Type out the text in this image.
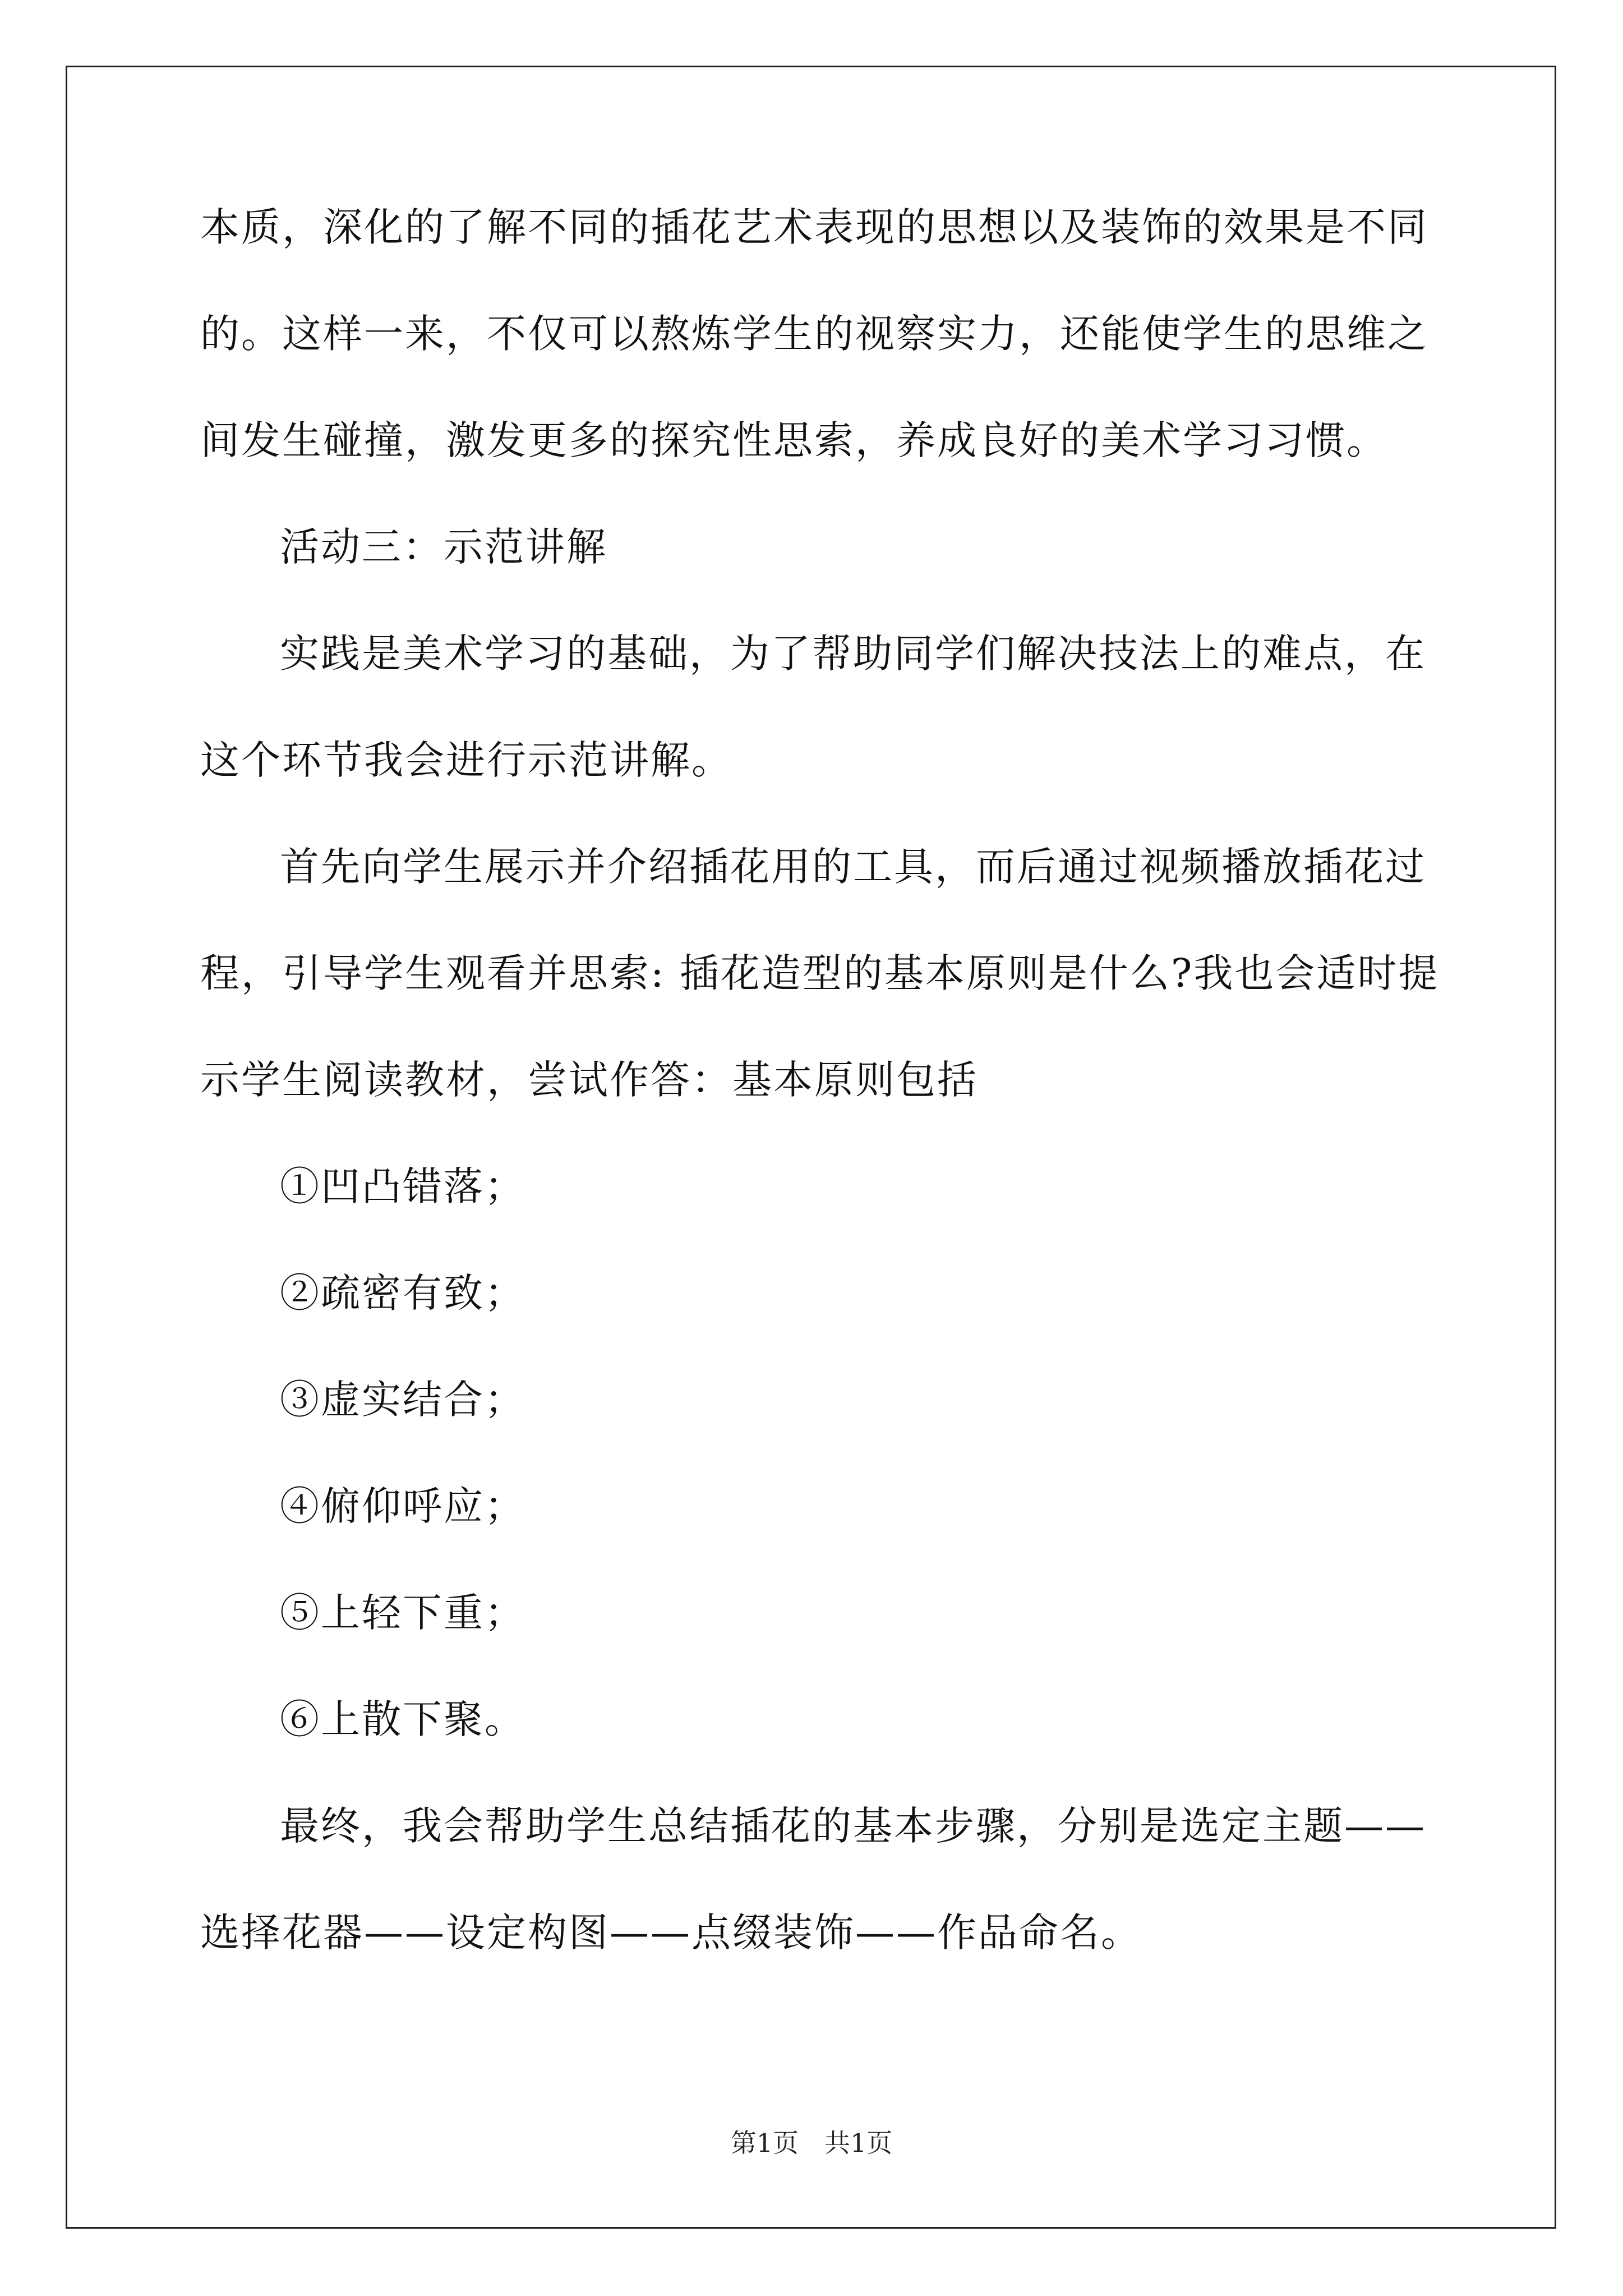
本质，深化的了解不同的插花艺术表现的思想以及装饰的效果是不同
的。这样一来，不仅可以熬炼学生的视察实力，还能使学生的思维之
间发生碰撞，激发更多的探究性思索，养成良好的美术学习习惯。
活动三：示范讲解
实践是美术学习的基础，为了帮助同学们解决技法上的难点，在
这个环节我会进行示范讲解。
首先向学生展示并介绍插花用的工具，而后通过视频播放插花过
程，引导学生观看并思索: 插花造型的基本原则是什么?我也会适时提
示学生阅读教材，尝试作答：基本原则包括
①凹凸错落；
②疏密有致；
③虚实结合；
④俯仰呼应；
⑤上轻下重；
⑥上散下聚。
最终，我会帮助学生总结插花的基本步骤，分别是选定主题——
选择花器——设定构图——点缀装饰——作品命名。
第1页 共1页
